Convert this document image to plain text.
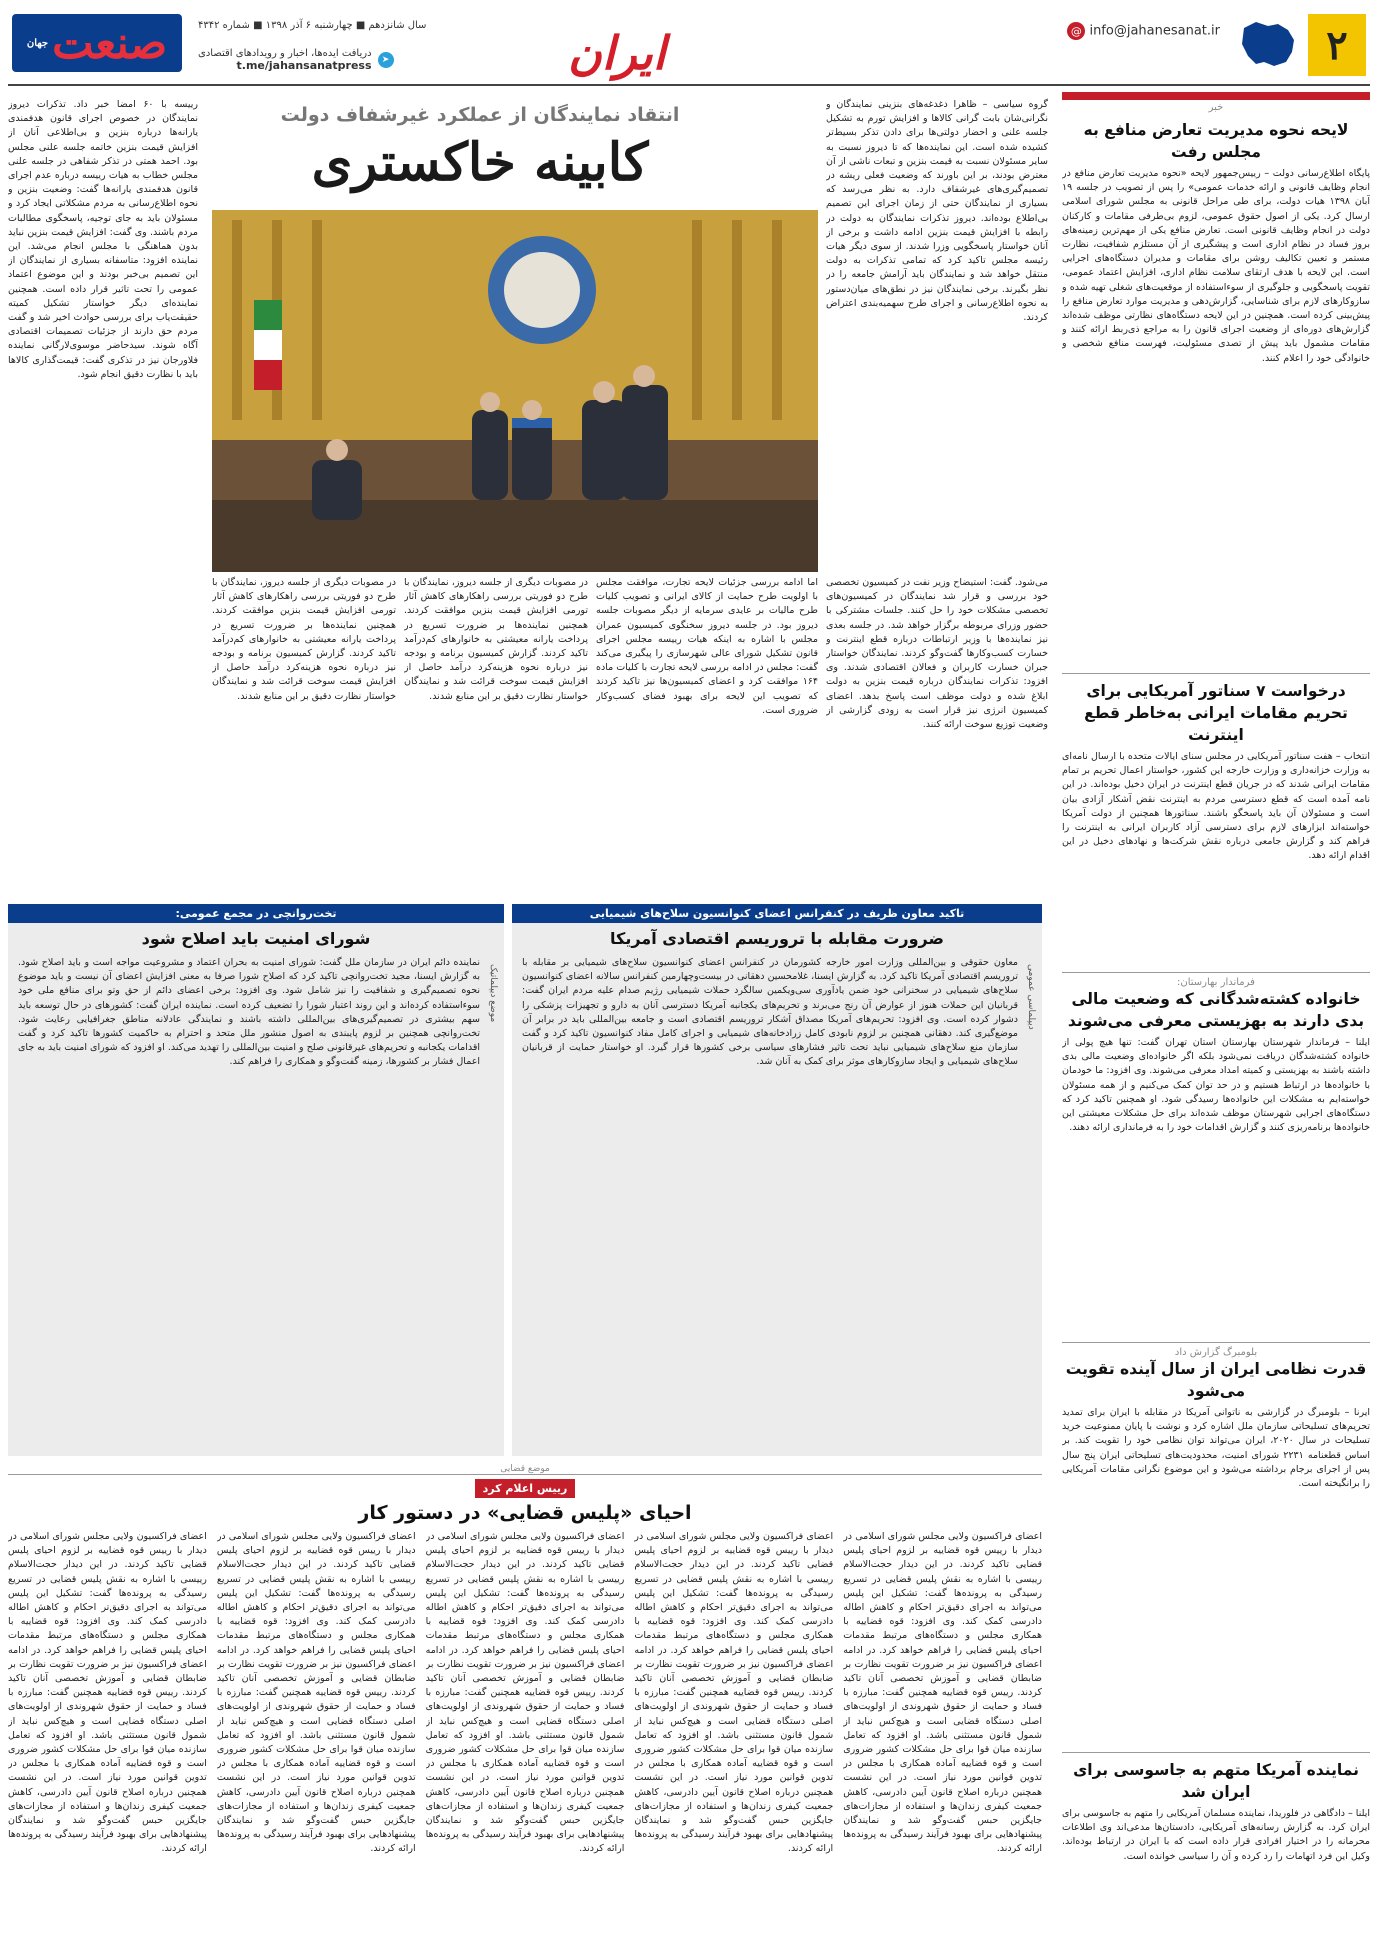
۲
@ info@jahanesanat.ir
ایران
سال شانزدهم ■ چهارشنبه ۶ آذر ۱۳۹۸ ■ شماره ۴۳۴۲
➤
دریافت ایده‌ها، اخبار و رویدادهای اقتصادی
t.me/jahansanatpress
صنعت
جهان
خبر
لایحه نحوه مدیریت تعارض منافع به مجلس رفت
پایگاه اطلاع‌رسانی دولت – رییس‌جمهور لایحه «نحوه مدیریت تعارض منافع در انجام وظایف قانونی و ارائه خدمات عمومی» را پس از تصویب در جلسه ۱۹ آبان ۱۳۹۸ هیات دولت، برای طی مراحل قانونی به مجلس شورای اسلامی ارسال کرد. یکی از اصول حقوق عمومی، لزوم بی‌طرفی مقامات و کارکنان دولت در انجام وظایف قانونی است. تعارض منافع یکی از مهم‌ترین زمینه‌های بروز فساد در نظام اداری است و پیشگیری از آن مستلزم شفافیت، نظارت مستمر و تعیین تکالیف روشن برای مقامات و مدیران دستگاه‌های اجرایی است. این لایحه با هدف ارتقای سلامت نظام اداری، افزایش اعتماد عمومی، تقویت پاسخگویی و جلوگیری از سوءاستفاده از موقعیت‌های شغلی تهیه شده و سازوکارهای لازم برای شناسایی، گزارش‌دهی و مدیریت موارد تعارض منافع را پیش‌بینی کرده است. همچنین در این لایحه دستگاه‌های نظارتی موظف شده‌اند گزارش‌های دوره‌ای از وضعیت اجرای قانون را به مراجع ذی‌ربط ارائه کنند و مقامات مشمول باید پیش از تصدی مسئولیت، فهرست منافع شخصی و خانوادگی خود را اعلام کنند.
درخواست ۷ سناتور آمریکایی برای تحریم مقامات ایرانی به‌خاطر قطع اینترنت
انتخاب – هفت سناتور آمریکایی در مجلس سنای ایالات متحده با ارسال نامه‌ای به وزارت خزانه‌داری و وزارت خارجه این کشور، خواستار اعمال تحریم بر تمام مقامات ایرانی شدند که در جریان قطع اینترنت در ایران دخیل بوده‌اند. در این نامه آمده است که قطع دسترسی مردم به اینترنت نقض آشکار آزادی بیان است و مسئولان آن باید پاسخگو باشند. سناتورها همچنین از دولت آمریکا خواسته‌اند ابزارهای لازم برای دسترسی آزاد کاربران ایرانی به اینترنت را فراهم کند و گزارش جامعی درباره نقش شرکت‌ها و نهادهای دخیل در این اقدام ارائه دهد.
فرماندار بهارستان:
خانواده کشته‌شدگانی که وضعیت مالی بدی دارند به بهزیستی معرفی می‌شوند
ایلنا – فرماندار شهرستان بهارستان استان تهران گفت: تنها هیچ پولی از خانواده کشته‌شدگان دریافت نمی‌شود بلکه اگر خانواده‌ای وضعیت مالی بدی داشته باشند به بهزیستی و کمیته امداد معرفی می‌شوند. وی افزود: ما خودمان با خانواده‌ها در ارتباط هستیم و در حد توان کمک می‌کنیم و از همه مسئولان خواسته‌ایم به مشکلات این خانواده‌ها رسیدگی شود. او همچنین تاکید کرد که دستگاه‌های اجرایی شهرستان موظف شده‌اند برای حل مشکلات معیشتی این خانواده‌ها برنامه‌ریزی کنند و گزارش اقدامات خود را به فرمانداری ارائه دهند.
بلومبرگ گزارش داد
قدرت نظامی ایران از سال آینده تقویت می‌شود
ایرنا – بلومبرگ در گزارشی به ناتوانی آمریکا در مقابله با ایران برای تمدید تحریم‌های تسلیحاتی سازمان ملل اشاره کرد و نوشت با پایان ممنوعیت خرید تسلیحات در سال ۲۰۲۰، ایران می‌تواند توان نظامی خود را تقویت کند. بر اساس قطعنامه ۲۲۳۱ شورای امنیت، محدودیت‌های تسلیحاتی ایران پنج سال پس از اجرای برجام برداشته می‌شود و این موضوع نگرانی مقامات آمریکایی را برانگیخته است.
نماینده آمریکا متهم به جاسوسی برای ایران شد
ایلنا – دادگاهی در فلوریدا، نماینده مسلمان آمریکایی را متهم به جاسوسی برای ایران کرد. به گزارش رسانه‌های آمریکایی، دادستان‌ها مدعی‌اند وی اطلاعات محرمانه را در اختیار افرادی قرار داده است که با ایران در ارتباط بوده‌اند. وکیل این فرد اتهامات را رد کرده و آن را سیاسی خوانده است.
انتقاد نمایندگان از عملکرد غیرشفاف دولت
کابینه خاکستری
گروه سیاسی – ظاهرا دغدغه‌های بنزینی نمایندگان و نگرانی‌شان بابت گرانی کالاها و افزایش تورم به تشکیل جلسه علنی و احضار دولتی‌ها برای دادن تذکر بسیط‌تر کشیده شده است. این نماینده‌ها که تا دیروز نسبت به سایر مسئولان نسبت به قیمت بنزین و تبعات ناشی از آن معترض بودند، بر این باورند که وضعیت فعلی ریشه در تصمیم‌گیری‌های غیرشفاف دارد. به نظر می‌رسد که بسیاری از نمایندگان حتی از زمان اجرای این تصمیم بی‌اطلاع بوده‌اند. دیروز تذکرات نمایندگان به دولت در رابطه با افزایش قیمت بنزین ادامه داشت و برخی از آنان خواستار پاسخگویی وزرا شدند. از سوی دیگر هیات رئیسه مجلس تاکید کرد که تمامی تذکرات به دولت منتقل خواهد شد و نمایندگان باید آرامش جامعه را در نظر بگیرند. برخی نمایندگان نیز در نطق‌های میان‌دستور به نحوه اطلاع‌رسانی و اجرای طرح سهمیه‌بندی اعتراض کردند.
رییسه با ۶۰ امضا خبر داد. تذکرات دیروز نمایندگان در خصوص اجرای قانون هدفمندی یارانه‌ها درباره بنزین و بی‌اطلاعی آنان از افزایش قیمت بنزین خاتمه جلسه علنی مجلس بود. احمد همتی در تذکر شفاهی در جلسه علنی مجلس خطاب به هیات رییسه درباره عدم اجرای قانون هدفمندی یارانه‌ها گفت: وضعیت بنزین و نحوه اطلاع‌رسانی به مردم مشکلاتی ایجاد کرد و مسئولان باید به جای توجیه، پاسخگوی مطالبات مردم باشند. وی گفت: افزایش قیمت بنزین نباید بدون هماهنگی با مجلس انجام می‌شد. این نماینده افزود: متاسفانه بسیاری از نمایندگان از این تصمیم بی‌خبر بودند و این موضوع اعتماد عمومی را تحت تاثیر قرار داده است. همچنین نماینده‌ای دیگر خواستار تشکیل کمیته حقیقت‌یاب برای بررسی حوادث اخیر شد و گفت مردم حق دارند از جزئیات تصمیمات اقتصادی آگاه شوند. سیدحاضر موسوی‌لارگانی نماینده فلاورجان نیز در تذکری گفت: قیمت‌گذاری کالاها باید با نظارت دقیق انجام شود.
می‌شود. گفت: استیضاح وزیر نفت در کمیسیون تخصصی خود بررسی و قرار شد نمایندگان در کمیسیون‌های تخصصی مشکلات خود را حل کنند. جلسات مشترکی با حضور وزرای مربوطه برگزار خواهد شد. در جلسه بعدی نیز نماینده‌ها با وزیر ارتباطات درباره قطع اینترنت و خسارت کسب‌وکارها گفت‌وگو کردند. نمایندگان خواستار جبران خسارت کاربران و فعالان اقتصادی شدند. وی افزود: تذکرات نمایندگان درباره قیمت بنزین به دولت ابلاغ شده و دولت موظف است پاسخ بدهد. اعضای کمیسیون انرژی نیز قرار است به زودی گزارشی از وضعیت توزیع سوخت ارائه کنند.
اما ادامه بررسی جزئیات لایحه تجارت، موافقت مجلس با اولویت طرح حمایت از کالای ایرانی و تصویب کلیات طرح مالیات بر عایدی سرمایه از دیگر مصوبات جلسه دیروز بود. در جلسه دیروز سخنگوی کمیسیون عمران مجلس با اشاره به اینکه هیات رییسه مجلس اجرای قانون تشکیل شورای عالی شهرسازی را پیگیری می‌کند گفت: مجلس در ادامه بررسی لایحه تجارت با کلیات ماده ۱۶۴ موافقت کرد و اعضای کمیسیون‌ها نیز تاکید کردند که تصویب این لایحه برای بهبود فضای کسب‌وکار ضروری است.
در مصوبات دیگری از جلسه دیروز، نمایندگان با طرح دو فوریتی بررسی راهکارهای کاهش آثار تورمی افزایش قیمت بنزین موافقت کردند. همچنین نماینده‌ها بر ضرورت تسریع در پرداخت یارانه معیشتی به خانوارهای کم‌درآمد تاکید کردند. گزارش کمیسیون برنامه و بودجه نیز درباره نحوه هزینه‌کرد درآمد حاصل از افزایش قیمت سوخت قرائت شد و نمایندگان خواستار نظارت دقیق بر این منابع شدند.
در مصوبات دیگری از جلسه دیروز، نمایندگان با طرح دو فوریتی بررسی راهکارهای کاهش آثار تورمی افزایش قیمت بنزین موافقت کردند. همچنین نماینده‌ها بر ضرورت تسریع در پرداخت یارانه معیشتی به خانوارهای کم‌درآمد تاکید کردند. گزارش کمیسیون برنامه و بودجه نیز درباره نحوه هزینه‌کرد درآمد حاصل از افزایش قیمت سوخت قرائت شد و نمایندگان خواستار نظارت دقیق بر این منابع شدند.
تاکید معاون ظریف در کنفرانس اعضای کنوانسیون سلاح‌های شیمیایی
ضرورت مقابله با تروریسم اقتصادی آمریکا
دیپلماسی عمومی
معاون حقوقی و بین‌المللی وزارت امور خارجه کشورمان در کنفرانس اعضای کنوانسیون سلاح‌های شیمیایی بر مقابله با تروریسم اقتصادی آمریکا تاکید کرد. به گزارش ایسنا، غلامحسین دهقانی در بیست‌وچهارمین کنفرانس سالانه اعضای کنوانسیون سلاح‌های شیمیایی در سخنرانی خود ضمن یادآوری سی‌ویکمین سالگرد حملات شیمیایی رژیم صدام علیه مردم ایران گفت: قربانیان این حملات هنوز از عوارض آن رنج می‌برند و تحریم‌های یکجانبه آمریکا دسترسی آنان به دارو و تجهیزات پزشکی را دشوار کرده است. وی افزود: تحریم‌های آمریکا مصداق آشکار تروریسم اقتصادی است و جامعه بین‌المللی باید در برابر آن موضع‌گیری کند. دهقانی همچنین بر لزوم نابودی کامل زرادخانه‌های شیمیایی و اجرای کامل مفاد کنوانسیون تاکید کرد و گفت سازمان منع سلاح‌های شیمیایی نباید تحت تاثیر فشارهای سیاسی برخی کشورها قرار گیرد. او خواستار حمایت از قربانیان سلاح‌های شیمیایی و ایجاد سازوکارهای موثر برای کمک به آنان شد.
تخت‌روانچی در مجمع عمومی:
شورای امنیت باید اصلاح شود
موضع دیپلماتیک
نماینده دائم ایران در سازمان ملل گفت: شورای امنیت به بحران اعتماد و مشروعیت مواجه است و باید اصلاح شود. به گزارش ایسنا، مجید تخت‌روانچی تاکید کرد که اصلاح شورا صرفا به معنی افزایش اعضای آن نیست و باید موضوع نحوه تصمیم‌گیری و شفافیت را نیز شامل شود. وی افزود: برخی اعضای دائم از حق وتو برای منافع ملی خود سوءاستفاده کرده‌اند و این روند اعتبار شورا را تضعیف کرده است. نماینده ایران گفت: کشورهای در حال توسعه باید سهم بیشتری در تصمیم‌گیری‌های بین‌المللی داشته باشند و نمایندگی عادلانه مناطق جغرافیایی رعایت شود. تخت‌روانچی همچنین بر لزوم پایبندی به اصول منشور ملل متحد و احترام به حاکمیت کشورها تاکید کرد و گفت اقدامات یکجانبه و تحریم‌های غیرقانونی صلح و امنیت بین‌المللی را تهدید می‌کند. او افزود که شورای امنیت باید به جای اعمال فشار بر کشورها، زمینه گفت‌وگو و همکاری را فراهم کند.
موضع قضایی
رییس اعلام کرد
احیای «پلیس قضایی» در دستور کار
اعضای فراکسیون ولایی مجلس شورای اسلامی در دیدار با رییس قوه قضاییه بر لزوم احیای پلیس قضایی تاکید کردند. در این دیدار حجت‌الاسلام رییسی با اشاره به نقش پلیس قضایی در تسریع رسیدگی به پرونده‌ها گفت: تشکیل این پلیس می‌تواند به اجرای دقیق‌تر احکام و کاهش اطاله دادرسی کمک کند. وی افزود: قوه قضاییه با همکاری مجلس و دستگاه‌های مرتبط مقدمات احیای پلیس قضایی را فراهم خواهد کرد. در ادامه اعضای فراکسیون نیز بر ضرورت تقویت نظارت بر ضابطان قضایی و آموزش تخصصی آنان تاکید کردند. رییس قوه قضاییه همچنین گفت: مبارزه با فساد و حمایت از حقوق شهروندی از اولویت‌های اصلی دستگاه قضایی است و هیچ‌کس نباید از شمول قانون مستثنی باشد. او افزود که تعامل سازنده میان قوا برای حل مشکلات کشور ضروری است و قوه قضاییه آماده همکاری با مجلس در تدوین قوانین مورد نیاز است. در این نشست همچنین درباره اصلاح قانون آیین دادرسی، کاهش جمعیت کیفری زندان‌ها و استفاده از مجازات‌های جایگزین حبس گفت‌وگو شد و نمایندگان پیشنهادهایی برای بهبود فرآیند رسیدگی به پرونده‌ها ارائه کردند.
اعضای فراکسیون ولایی مجلس شورای اسلامی در دیدار با رییس قوه قضاییه بر لزوم احیای پلیس قضایی تاکید کردند. در این دیدار حجت‌الاسلام رییسی با اشاره به نقش پلیس قضایی در تسریع رسیدگی به پرونده‌ها گفت: تشکیل این پلیس می‌تواند به اجرای دقیق‌تر احکام و کاهش اطاله دادرسی کمک کند. وی افزود: قوه قضاییه با همکاری مجلس و دستگاه‌های مرتبط مقدمات احیای پلیس قضایی را فراهم خواهد کرد. در ادامه اعضای فراکسیون نیز بر ضرورت تقویت نظارت بر ضابطان قضایی و آموزش تخصصی آنان تاکید کردند. رییس قوه قضاییه همچنین گفت: مبارزه با فساد و حمایت از حقوق شهروندی از اولویت‌های اصلی دستگاه قضایی است و هیچ‌کس نباید از شمول قانون مستثنی باشد. او افزود که تعامل سازنده میان قوا برای حل مشکلات کشور ضروری است و قوه قضاییه آماده همکاری با مجلس در تدوین قوانین مورد نیاز است. در این نشست همچنین درباره اصلاح قانون آیین دادرسی، کاهش جمعیت کیفری زندان‌ها و استفاده از مجازات‌های جایگزین حبس گفت‌وگو شد و نمایندگان پیشنهادهایی برای بهبود فرآیند رسیدگی به پرونده‌ها ارائه کردند.
اعضای فراکسیون ولایی مجلس شورای اسلامی در دیدار با رییس قوه قضاییه بر لزوم احیای پلیس قضایی تاکید کردند. در این دیدار حجت‌الاسلام رییسی با اشاره به نقش پلیس قضایی در تسریع رسیدگی به پرونده‌ها گفت: تشکیل این پلیس می‌تواند به اجرای دقیق‌تر احکام و کاهش اطاله دادرسی کمک کند. وی افزود: قوه قضاییه با همکاری مجلس و دستگاه‌های مرتبط مقدمات احیای پلیس قضایی را فراهم خواهد کرد. در ادامه اعضای فراکسیون نیز بر ضرورت تقویت نظارت بر ضابطان قضایی و آموزش تخصصی آنان تاکید کردند. رییس قوه قضاییه همچنین گفت: مبارزه با فساد و حمایت از حقوق شهروندی از اولویت‌های اصلی دستگاه قضایی است و هیچ‌کس نباید از شمول قانون مستثنی باشد. او افزود که تعامل سازنده میان قوا برای حل مشکلات کشور ضروری است و قوه قضاییه آماده همکاری با مجلس در تدوین قوانین مورد نیاز است. در این نشست همچنین درباره اصلاح قانون آیین دادرسی، کاهش جمعیت کیفری زندان‌ها و استفاده از مجازات‌های جایگزین حبس گفت‌وگو شد و نمایندگان پیشنهادهایی برای بهبود فرآیند رسیدگی به پرونده‌ها ارائه کردند.
اعضای فراکسیون ولایی مجلس شورای اسلامی در دیدار با رییس قوه قضاییه بر لزوم احیای پلیس قضایی تاکید کردند. در این دیدار حجت‌الاسلام رییسی با اشاره به نقش پلیس قضایی در تسریع رسیدگی به پرونده‌ها گفت: تشکیل این پلیس می‌تواند به اجرای دقیق‌تر احکام و کاهش اطاله دادرسی کمک کند. وی افزود: قوه قضاییه با همکاری مجلس و دستگاه‌های مرتبط مقدمات احیای پلیس قضایی را فراهم خواهد کرد. در ادامه اعضای فراکسیون نیز بر ضرورت تقویت نظارت بر ضابطان قضایی و آموزش تخصصی آنان تاکید کردند. رییس قوه قضاییه همچنین گفت: مبارزه با فساد و حمایت از حقوق شهروندی از اولویت‌های اصلی دستگاه قضایی است و هیچ‌کس نباید از شمول قانون مستثنی باشد. او افزود که تعامل سازنده میان قوا برای حل مشکلات کشور ضروری است و قوه قضاییه آماده همکاری با مجلس در تدوین قوانین مورد نیاز است. در این نشست همچنین درباره اصلاح قانون آیین دادرسی، کاهش جمعیت کیفری زندان‌ها و استفاده از مجازات‌های جایگزین حبس گفت‌وگو شد و نمایندگان پیشنهادهایی برای بهبود فرآیند رسیدگی به پرونده‌ها ارائه کردند.
اعضای فراکسیون ولایی مجلس شورای اسلامی در دیدار با رییس قوه قضاییه بر لزوم احیای پلیس قضایی تاکید کردند. در این دیدار حجت‌الاسلام رییسی با اشاره به نقش پلیس قضایی در تسریع رسیدگی به پرونده‌ها گفت: تشکیل این پلیس می‌تواند به اجرای دقیق‌تر احکام و کاهش اطاله دادرسی کمک کند. وی افزود: قوه قضاییه با همکاری مجلس و دستگاه‌های مرتبط مقدمات احیای پلیس قضایی را فراهم خواهد کرد. در ادامه اعضای فراکسیون نیز بر ضرورت تقویت نظارت بر ضابطان قضایی و آموزش تخصصی آنان تاکید کردند. رییس قوه قضاییه همچنین گفت: مبارزه با فساد و حمایت از حقوق شهروندی از اولویت‌های اصلی دستگاه قضایی است و هیچ‌کس نباید از شمول قانون مستثنی باشد. او افزود که تعامل سازنده میان قوا برای حل مشکلات کشور ضروری است و قوه قضاییه آماده همکاری با مجلس در تدوین قوانین مورد نیاز است. در این نشست همچنین درباره اصلاح قانون آیین دادرسی، کاهش جمعیت کیفری زندان‌ها و استفاده از مجازات‌های جایگزین حبس گفت‌وگو شد و نمایندگان پیشنهادهایی برای بهبود فرآیند رسیدگی به پرونده‌ها ارائه کردند.
